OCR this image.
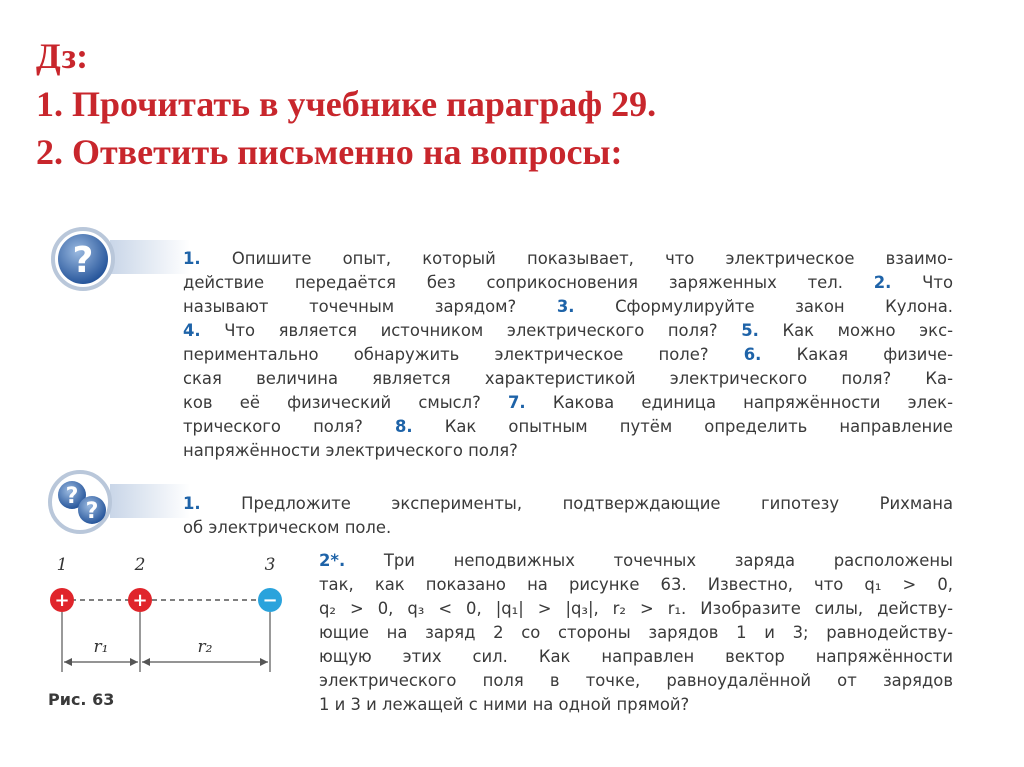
Дз:
1. Прочитать в учебнике параграф 29.
2. Ответить письменно на вопросы:
?	1. Опишите опыт, который показывает, что электрическое взаимо-
действие передаётся без соприкосновения заряженных тел. 2. Что
называют точечным зарядом? 3. Сформулируйте закон Кулона.
4. Что является источником электрического поля? 5. Как можно экс-
периментально обнаружить электрическое поле? 6. Какая физиче-
ская величина является характеристикой электрического поля? Ка-
ков её физический смысл? 7. Какова единица напряжённости элек-
трического поля? 8. Как опытным путём определить направление
напряжённости электрического поля?
?
?	1. Предложите эксперименты, подтверждающие гипотезу Рихмана
об электрическом поле.
2*. Три неподвижных точечных заряда расположены
так, как показано на рисунке 63. Известно, что q₁ > 0,
q₂ > 0, q₃ < 0, |q₁| > |q₃|, r₂ > r₁. Изобразите силы, действу-
ющие на заряд 2 со стороны зарядов 1 и 3; равнодейству-
ющую этих сил. Как направлен вектор напряжённости
электрического поля в точке, равноудалённой от зарядов
1 и 3 и лежащей с ними на одной прямой?
1	2	3
r₁	r₂
+	+	−
Рис. 63
